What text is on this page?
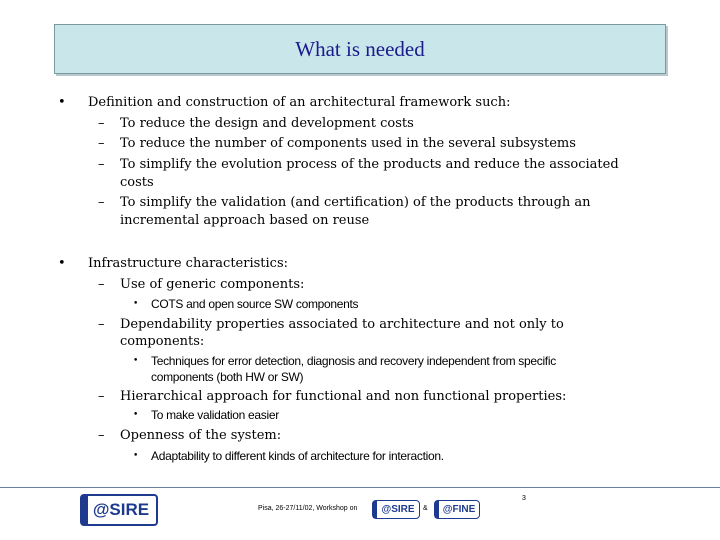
What is needed
• Definition and construction of an architectural framework such:
– To reduce the design and development costs
– To reduce the number of components used in the several subsystems
– To simplify the evolution process of the products and reduce the associated
costs
– To simplify the validation (and certification) of the products through an
incremental approach based on reuse
• Infrastructure characteristics:
– Use of generic components:
• COTS and open source SW components
– Dependability properties associated to architecture and not only to
components:
• Techniques for error detection, diagnosis and recovery independent from specific
components (both HW or SW)
– Hierarchical approach for functional and non functional properties:
• To make validation easier
– Openness of the system:
• Adaptability to different kinds of architecture for interaction.
@SIRE	Pisa, 26-27/11/02, Workshop on	@SIRE &	@FINE
3
